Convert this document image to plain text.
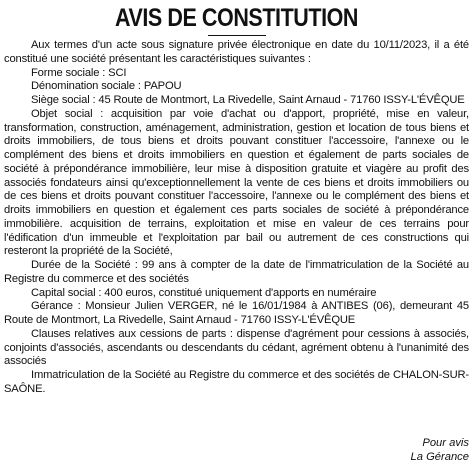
AVIS DE CONSTITUTION

Aux termes d'un acte sous signature privée électronique en date du 10/11/2023, il a été constitué une société présentant les caractéristiques suivantes :

Forme sociale : SCI

Dénomination sociale : PAPOU

Siège social : 45 Route de Montmort, La Rivedelle, Saint Arnaud - 71760 ISSY-L'ÉVÊQUE

Objet social : acquisition par voie d'achat ou d'apport, propriété, mise en valeur, transformation, construction, aménagement, administration, gestion et location de tous biens et droits immobiliers, de tous biens et droits pouvant constituer l'accessoire, l'annexe ou le complément des biens et droits immobiliers en question et également de parts sociales de société à prépondérance immobilière, leur mise à disposition gratuite et viagère au profit des associés fondateurs ainsi qu'exceptionnellement la vente de ces biens et droits immobiliers ou de ces biens et droits pouvant constituer l'accessoire, l'annexe ou le complément des biens et droits immobiliers en question et également ces parts sociales de société à prépondérance immobilière. acquisition de terrains, exploitation et mise en valeur de ces terrains pour l'édification d'un immeuble et l'exploitation par bail ou autrement de ces constructions qui resteront la propriété de la Société,

Durée de la Société : 99 ans à compter de la date de l'immatriculation de la Société au Registre du commerce et des sociétés

Capital social : 400 euros, constitué uniquement d'apports en numéraire

Gérance : Monsieur Julien VERGER, né le 16/01/1984 à ANTIBES (06), demeurant 45 Route de Montmort, La Rivedelle, Saint Arnaud - 71760 ISSY-L'ÉVÊQUE

Clauses relatives aux cessions de parts : dispense d'agrément pour cessions à associés, conjoints d'associés, ascendants ou descendants du cédant, agrément obtenu à l'unanimité des associés

Immatriculation de la Société au Registre du commerce et des sociétés de CHALON-SUR-SAÔNE.

Pour avis
La Gérance
